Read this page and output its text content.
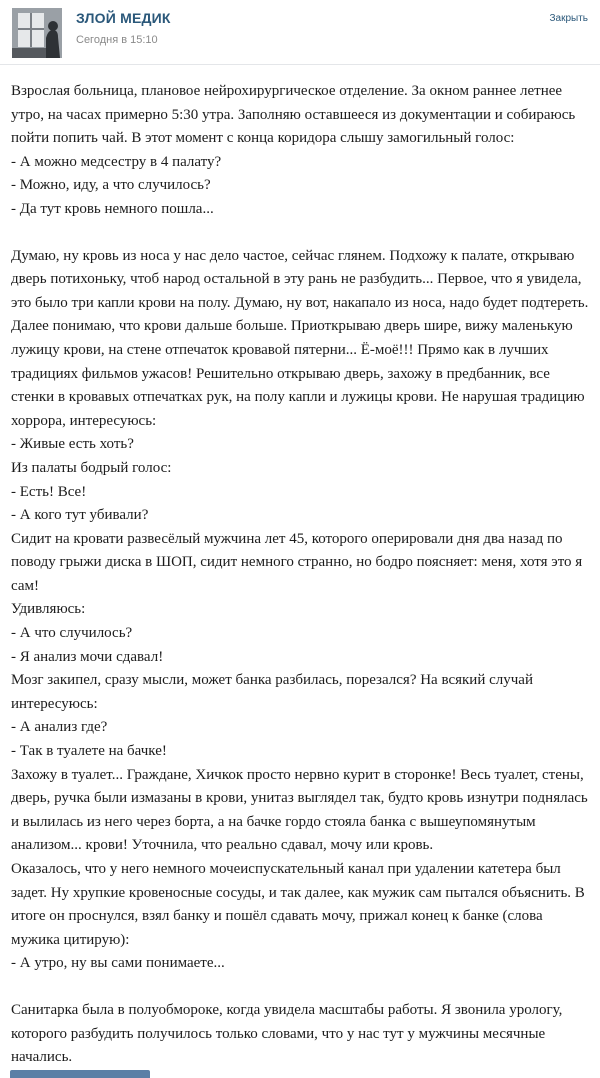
ЗЛОЙ МЕДИК
Сегодня в 15:10
Закрыть

Взрослая больница, плановое нейрохирургическое отделение. За окном раннее летнее утро, на часах примерно 5:30 утра. Заполняю оставшееся из документации и собираюсь пойти попить чай. В этот момент с конца коридора слышу замогильный голос:
- А можно медсестру в 4 палату?
- Можно, иду, а что случилось?
- Да тут кровь немного пошла...

Думаю, ну кровь из носа у нас дело частое, сейчас глянем. Подхожу к палате, открываю дверь потихоньку, чтоб народ остальной в эту рань не разбудить... Первое, что я увидела, это было три капли крови на полу. Думаю, ну вот, накапало из носа, надо будет подтереть. Далее понимаю, что крови дальше больше. Приоткрываю дверь шире, вижу маленькую лужицу крови, на стене отпечаток кровавой пятерни... Ё-моё!!! Прямо как в лучших традициях фильмов ужасов! Решительно открываю дверь, захожу в предбанник, все стенки в кровавых отпечатках рук, на полу капли и лужицы крови. Не нарушая традицию хоррора, интересуюсь:
- Живые есть хоть?
Из палаты бодрый голос:
- Есть! Все!
- А кого тут убивали?
Сидит на кровати развесёлый мужчина лет 45, которого оперировали дня два назад по поводу грыжи диска в ШОП, сидит немного странно, но бодро поясняет: меня, хотя это я сам!
Удивляюсь:
- А что случилось?
- Я анализ мочи сдавал!
Мозг закипел, сразу мысли, может банка разбилась, порезался? На всякий случай интересуюсь:
- А анализ где?
- Так в туалете на бачке!
Захожу в туалет... Граждане, Хичкок просто нервно курит в сторонке! Весь туалет, стены, дверь, ручка были измазаны в крови, унитаз выглядел так, будто кровь изнутри поднялась и вылилась из него через борта, а на бачке гордо стояла банка с вышеупомянутым анализом... крови! Уточнила, что реально сдавал, мочу или кровь.
Оказалось, что у него немного мочеиспускательный канал при удалении катетера был задет. Ну хрупкие кровеносные сосуды, и так далее, как мужик сам пытался объяснить. В итоге он проснулся, взял банку и пошёл сдавать мочу, прижал конец к банке (слова мужика цитирую):
- А утро, ну вы сами понимаете...

Санитарка была в полуобмороке, когда увидела масштабы работы. Я звонила урологу, которого разбудить получилось только словами, что у нас тут у мужчины месячные начались.
